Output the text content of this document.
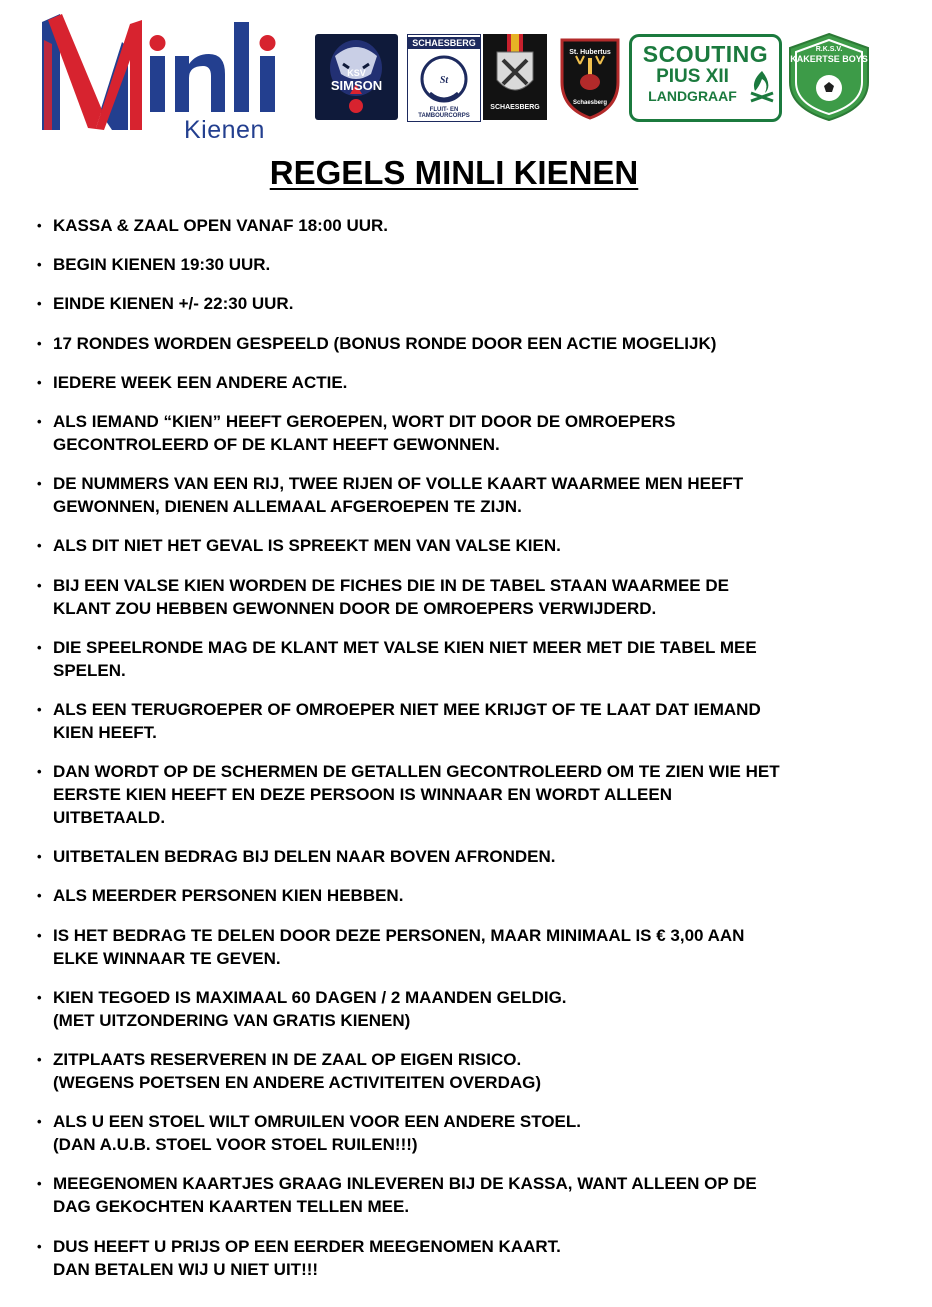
Kienen
KSV
SIMSON
SCHAESBERG
St
FLUIT- EN TAMBOURCORPS
SCHAESBERG
St. Hubertus
Schaesberg
SCOUTING
PIUS XII
LANDGRAAF
R.K.S.V.
KAKERTSE BOYS
REGELS MINLI KIENEN
• KASSA & ZAAL OPEN VANAF 18:00 UUR.
• BEGIN KIENEN 19:30 UUR.
• EINDE KIENEN +/- 22:30 UUR.
• 17 RONDES WORDEN GESPEELD (BONUS RONDE DOOR EEN ACTIE MOGELIJK)
• IEDERE WEEK EEN ANDERE ACTIE.
• ALS IEMAND “KIEN” HEEFT GEROEPEN, WORT DIT DOOR DE OMROEPERS
GECONTROLEERD OF DE KLANT HEEFT GEWONNEN.
• DE NUMMERS VAN EEN RIJ, TWEE RIJEN OF VOLLE KAART WAARMEE MEN HEEFT
GEWONNEN, DIENEN ALLEMAAL AFGEROEPEN TE ZIJN.
• ALS DIT NIET HET GEVAL IS SPREEKT MEN VAN VALSE KIEN.
• BIJ EEN VALSE KIEN WORDEN DE FICHES DIE IN DE TABEL STAAN WAARMEE DE
KLANT ZOU HEBBEN GEWONNEN DOOR DE OMROEPERS VERWIJDERD.
• DIE SPEELRONDE MAG DE KLANT MET VALSE KIEN NIET MEER MET DIE TABEL MEE
SPELEN.
• ALS EEN TERUGROEPER OF OMROEPER NIET MEE KRIJGT OF TE LAAT DAT IEMAND
KIEN HEEFT.
• DAN WORDT OP DE SCHERMEN DE GETALLEN GECONTROLEERD OM TE ZIEN WIE HET
EERSTE KIEN HEEFT EN DEZE PERSOON IS WINNAAR EN WORDT ALLEEN
UITBETAALD.
• UITBETALEN BEDRAG BIJ DELEN NAAR BOVEN AFRONDEN.
• ALS MEERDER PERSONEN KIEN HEBBEN.
• IS HET BEDRAG TE DELEN DOOR DEZE PERSONEN, MAAR MINIMAAL IS € 3,00 AAN
ELKE WINNAAR TE GEVEN.
• KIEN TEGOED IS MAXIMAAL 60 DAGEN / 2 MAANDEN GELDIG.
(MET UITZONDERING VAN GRATIS KIENEN)
• ZITPLAATS RESERVEREN IN DE ZAAL OP EIGEN RISICO.
(WEGENS POETSEN EN ANDERE ACTIVITEITEN OVERDAG)
• ALS U EEN STOEL WILT OMRUILEN VOOR EEN ANDERE STOEL.
(DAN A.U.B. STOEL VOOR STOEL RUILEN!!!)
• MEEGENOMEN KAARTJES GRAAG INLEVEREN BIJ DE KASSA, WANT ALLEEN OP DE
DAG GEKOCHTEN KAARTEN TELLEN MEE.
• DUS HEEFT U PRIJS OP EEN EERDER MEEGENOMEN KAART.
DAN BETALEN WIJ U NIET UIT!!!
